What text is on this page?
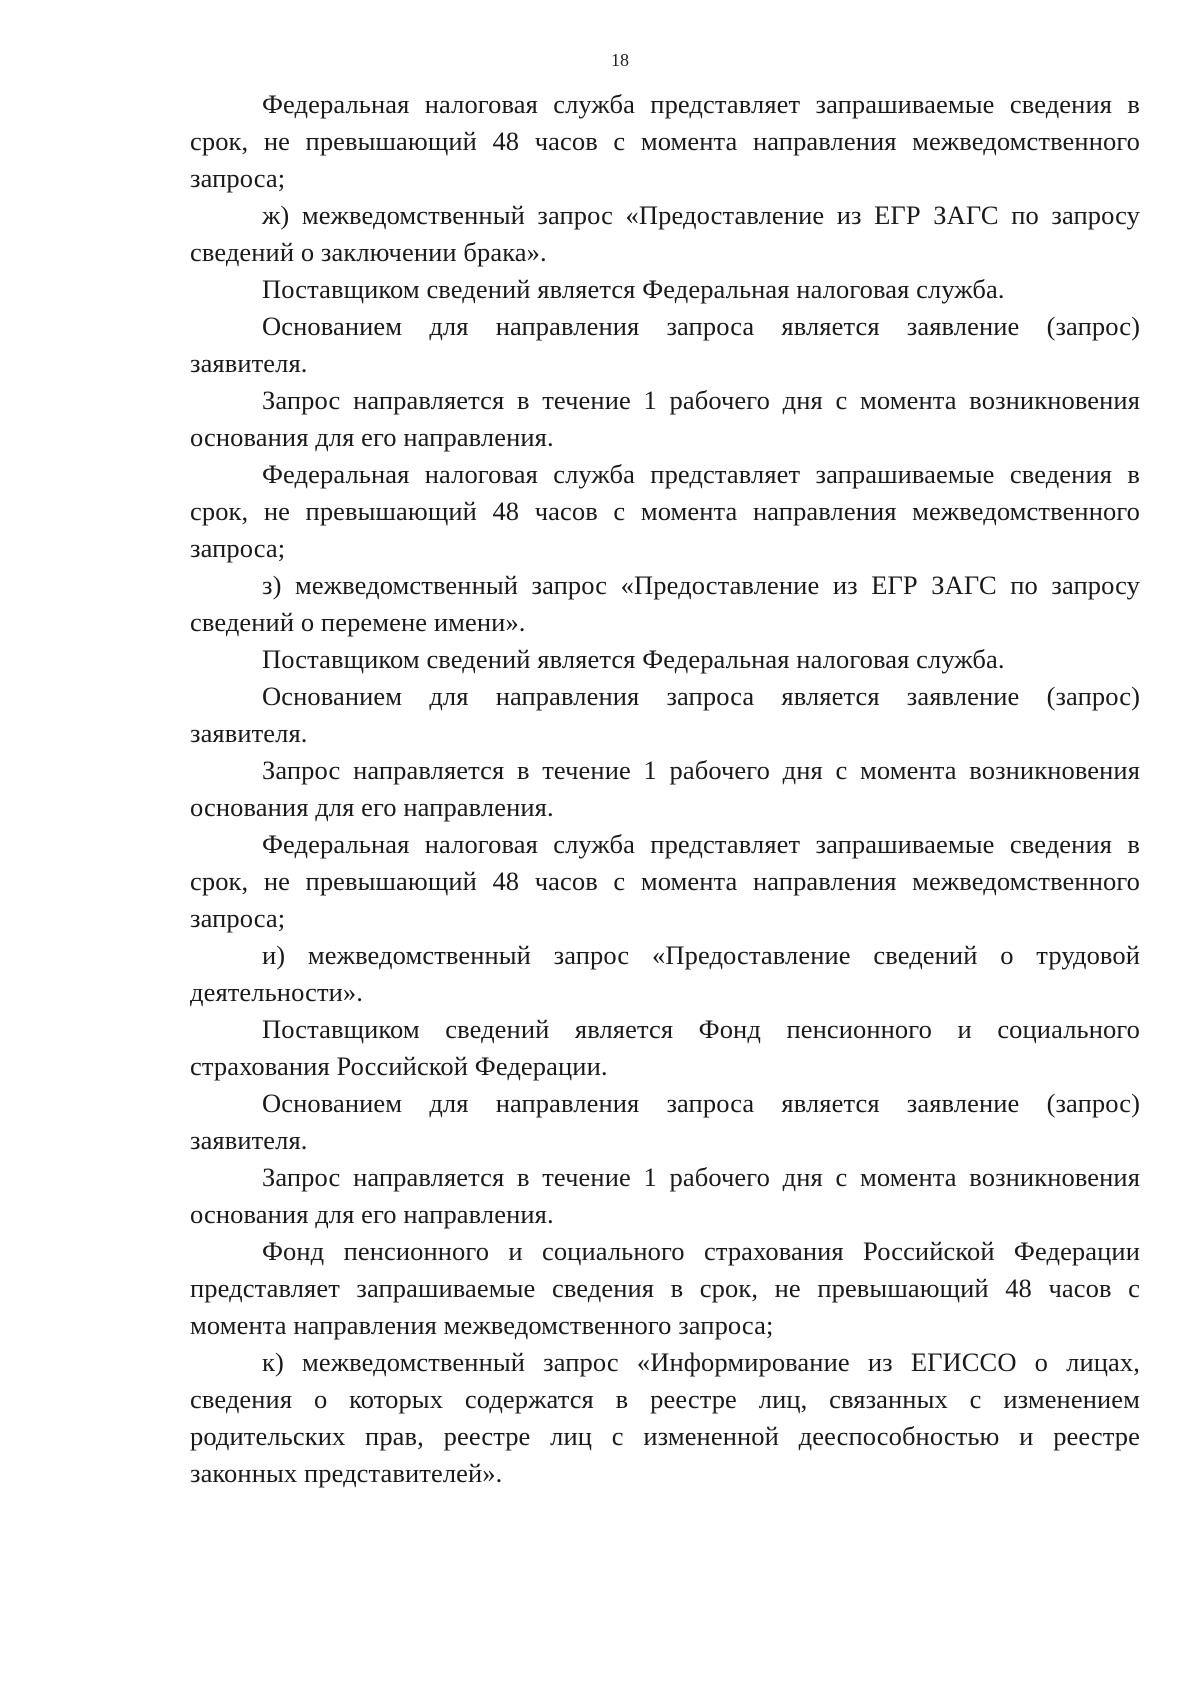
18

Федеральная налоговая служба представляет запрашиваемые сведения в срок, не превышающий 48 часов с момента направления межведомственного запроса;

ж) межведомственный запрос «Предоставление из ЕГР ЗАГС по запросу сведений о заключении брака».

Поставщиком сведений является Федеральная налоговая служба.

Основанием для направления запроса является заявление (запрос) заявителя.

Запрос направляется в течение 1 рабочего дня с момента возникновения основания для его направления.

Федеральная налоговая служба представляет запрашиваемые сведения в срок, не превышающий 48 часов с момента направления межведомственного запроса;

з) межведомственный запрос «Предоставление из ЕГР ЗАГС по запросу сведений о перемене имени».

Поставщиком сведений является Федеральная налоговая служба.

Основанием для направления запроса является заявление (запрос) заявителя.

Запрос направляется в течение 1 рабочего дня с момента возникновения основания для его направления.

Федеральная налоговая служба представляет запрашиваемые сведения в срок, не превышающий 48 часов с момента направления межведомственного запроса;

и) межведомственный запрос «Предоставление сведений о трудовой деятельности».

Поставщиком сведений является Фонд пенсионного и социального страхования Российской Федерации.

Основанием для направления запроса является заявление (запрос) заявителя.

Запрос направляется в течение 1 рабочего дня с момента возникновения основания для его направления.

Фонд пенсионного и социального страхования Российской Федерации представляет запрашиваемые сведения в срок, не превышающий 48 часов с момента направления межведомственного запроса;

к) межведомственный запрос «Информирование из ЕГИССО о лицах, сведения о которых содержатся в реестре лиц, связанных с изменением родительских прав, реестре лиц с измененной дееспособностью и реестре законных представителей».
